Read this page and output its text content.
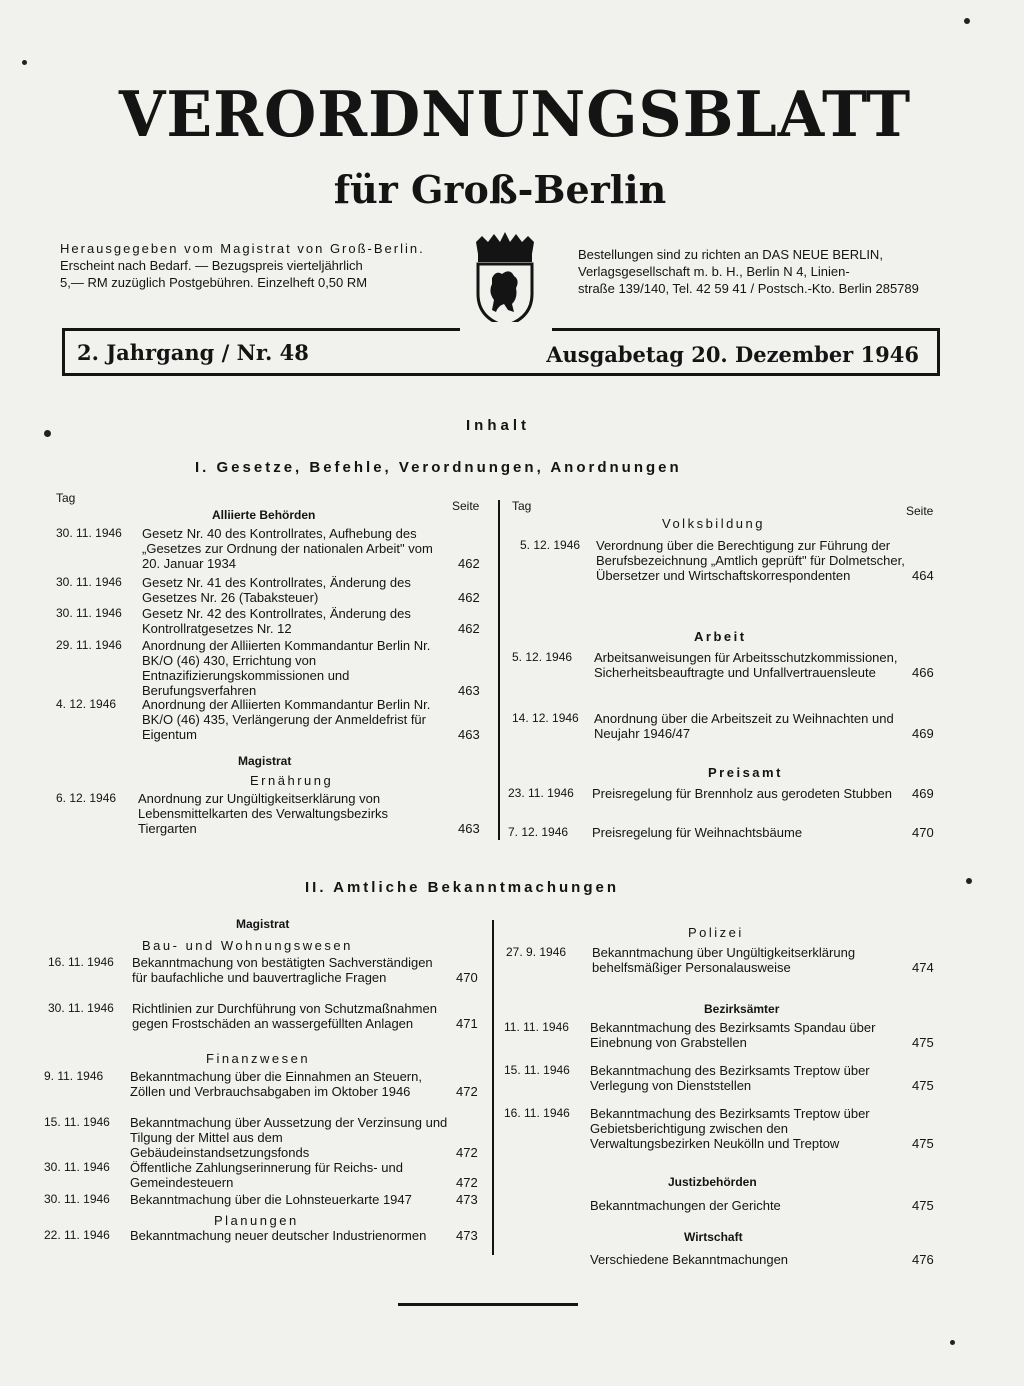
VERORDNUNGSBLATT
für Groß-Berlin
Herausgegeben vom Magistrat von Groß-Berlin.
Erscheint nach Bedarf. — Bezugspreis vierteljährlich
5,— RM zuzüglich Postgebühren. Einzelheft 0,50 RM
Bestellungen sind zu richten an DAS NEUE BERLIN,
Verlagsgesellschaft m. b. H., Berlin N 4, Linien-
straße 139/140, Tel. 42 59 41 / Postsch.-Kto. Berlin 285789
2. Jahrgang / Nr. 48	Ausgabetag 20. Dezember 1946
Inhalt
I. Gesetze, Befehle, Verordnungen, Anordnungen
Tag
Seite	Tag	Seite
Alliierte Behörden
30. 11. 1946	Gesetz Nr. 40 des Kontrollrates, Aufhebung des „Gesetzes zur Ordnung der nationalen Arbeit" vom 20. Januar 1934	462
30. 11. 1946	Gesetz Nr. 41 des Kontrollrates, Änderung des Gesetzes Nr. 26 (Tabaksteuer)	462
30. 11. 1946	Gesetz Nr. 42 des Kontrollrates, Änderung des Kontrollratgesetzes Nr. 12	462
29. 11. 1946	Anordnung der Alliierten Kommandantur Berlin Nr. BK/O (46) 430, Errichtung von Entnazifizierungskommissionen und Berufungsverfahren	463
4. 12. 1946	Anordnung der Alliierten Kommandantur Berlin Nr. BK/O (46) 435, Verlängerung der Anmeldefrist für Eigentum	463
Magistrat
Ernährung
6. 12. 1946	Anordnung zur Ungültigkeitserklärung von Lebensmittelkarten des Verwaltungsbezirks Tiergarten	463
Volksbildung
5. 12. 1946	Verordnung über die Berechtigung zur Führung der Berufsbezeichnung „Amtlich geprüft" für Dolmetscher, Übersetzer und Wirtschaftskorrespondenten	464
Arbeit
5. 12. 1946	Arbeitsanweisungen für Arbeitsschutzkommissionen, Sicherheitsbeauftragte und Unfallvertrauensleute	466
14. 12. 1946	Anordnung über die Arbeitszeit zu Weihnachten und Neujahr 1946/47	469
Preisamt
23. 11. 1946	Preisregelung für Brennholz aus gerodeten Stubben	469
7. 12. 1946	Preisregelung für Weihnachtsbäume	470
II. Amtliche Bekanntmachungen
Magistrat
Bau- und Wohnungswesen
16. 11. 1946	Bekanntmachung von bestätigten Sachverständigen für baufachliche und bauvertragliche Fragen	470
30. 11. 1946	Richtlinien zur Durchführung von Schutzmaßnahmen gegen Frostschäden an wassergefüllten Anlagen	471
Finanzwesen
9. 11. 1946	Bekanntmachung über die Einnahmen an Steuern, Zöllen und Verbrauchsabgaben im Oktober 1946	472
15. 11. 1946	Bekanntmachung über Aussetzung der Verzinsung und Tilgung der Mittel aus dem Gebäudeinstandsetzungsfonds	472
30. 11. 1946	Öffentliche Zahlungserinnerung für Reichs- und Gemeindesteuern	472
30. 11. 1946	Bekanntmachung über die Lohnsteuerkarte 1947	473
Planungen
22. 11. 1946	Bekanntmachung neuer deutscher Industrienormen	473
Polizei
27. 9. 1946	Bekanntmachung über Ungültigkeitserklärung behelfsmäßiger Personalausweise	474
Bezirksämter
11. 11. 1946	Bekanntmachung des Bezirksamts Spandau über Einebnung von Grabstellen	475
15. 11. 1946	Bekanntmachung des Bezirksamts Treptow über Verlegung von Dienststellen	475
16. 11. 1946	Bekanntmachung des Bezirksamts Treptow über Gebietsberichtigung zwischen den Verwaltungsbezirken Neukölln und Treptow	475
Justizbehörden
Bekanntmachungen der Gerichte	475
Wirtschaft
Verschiedene Bekanntmachungen	476
